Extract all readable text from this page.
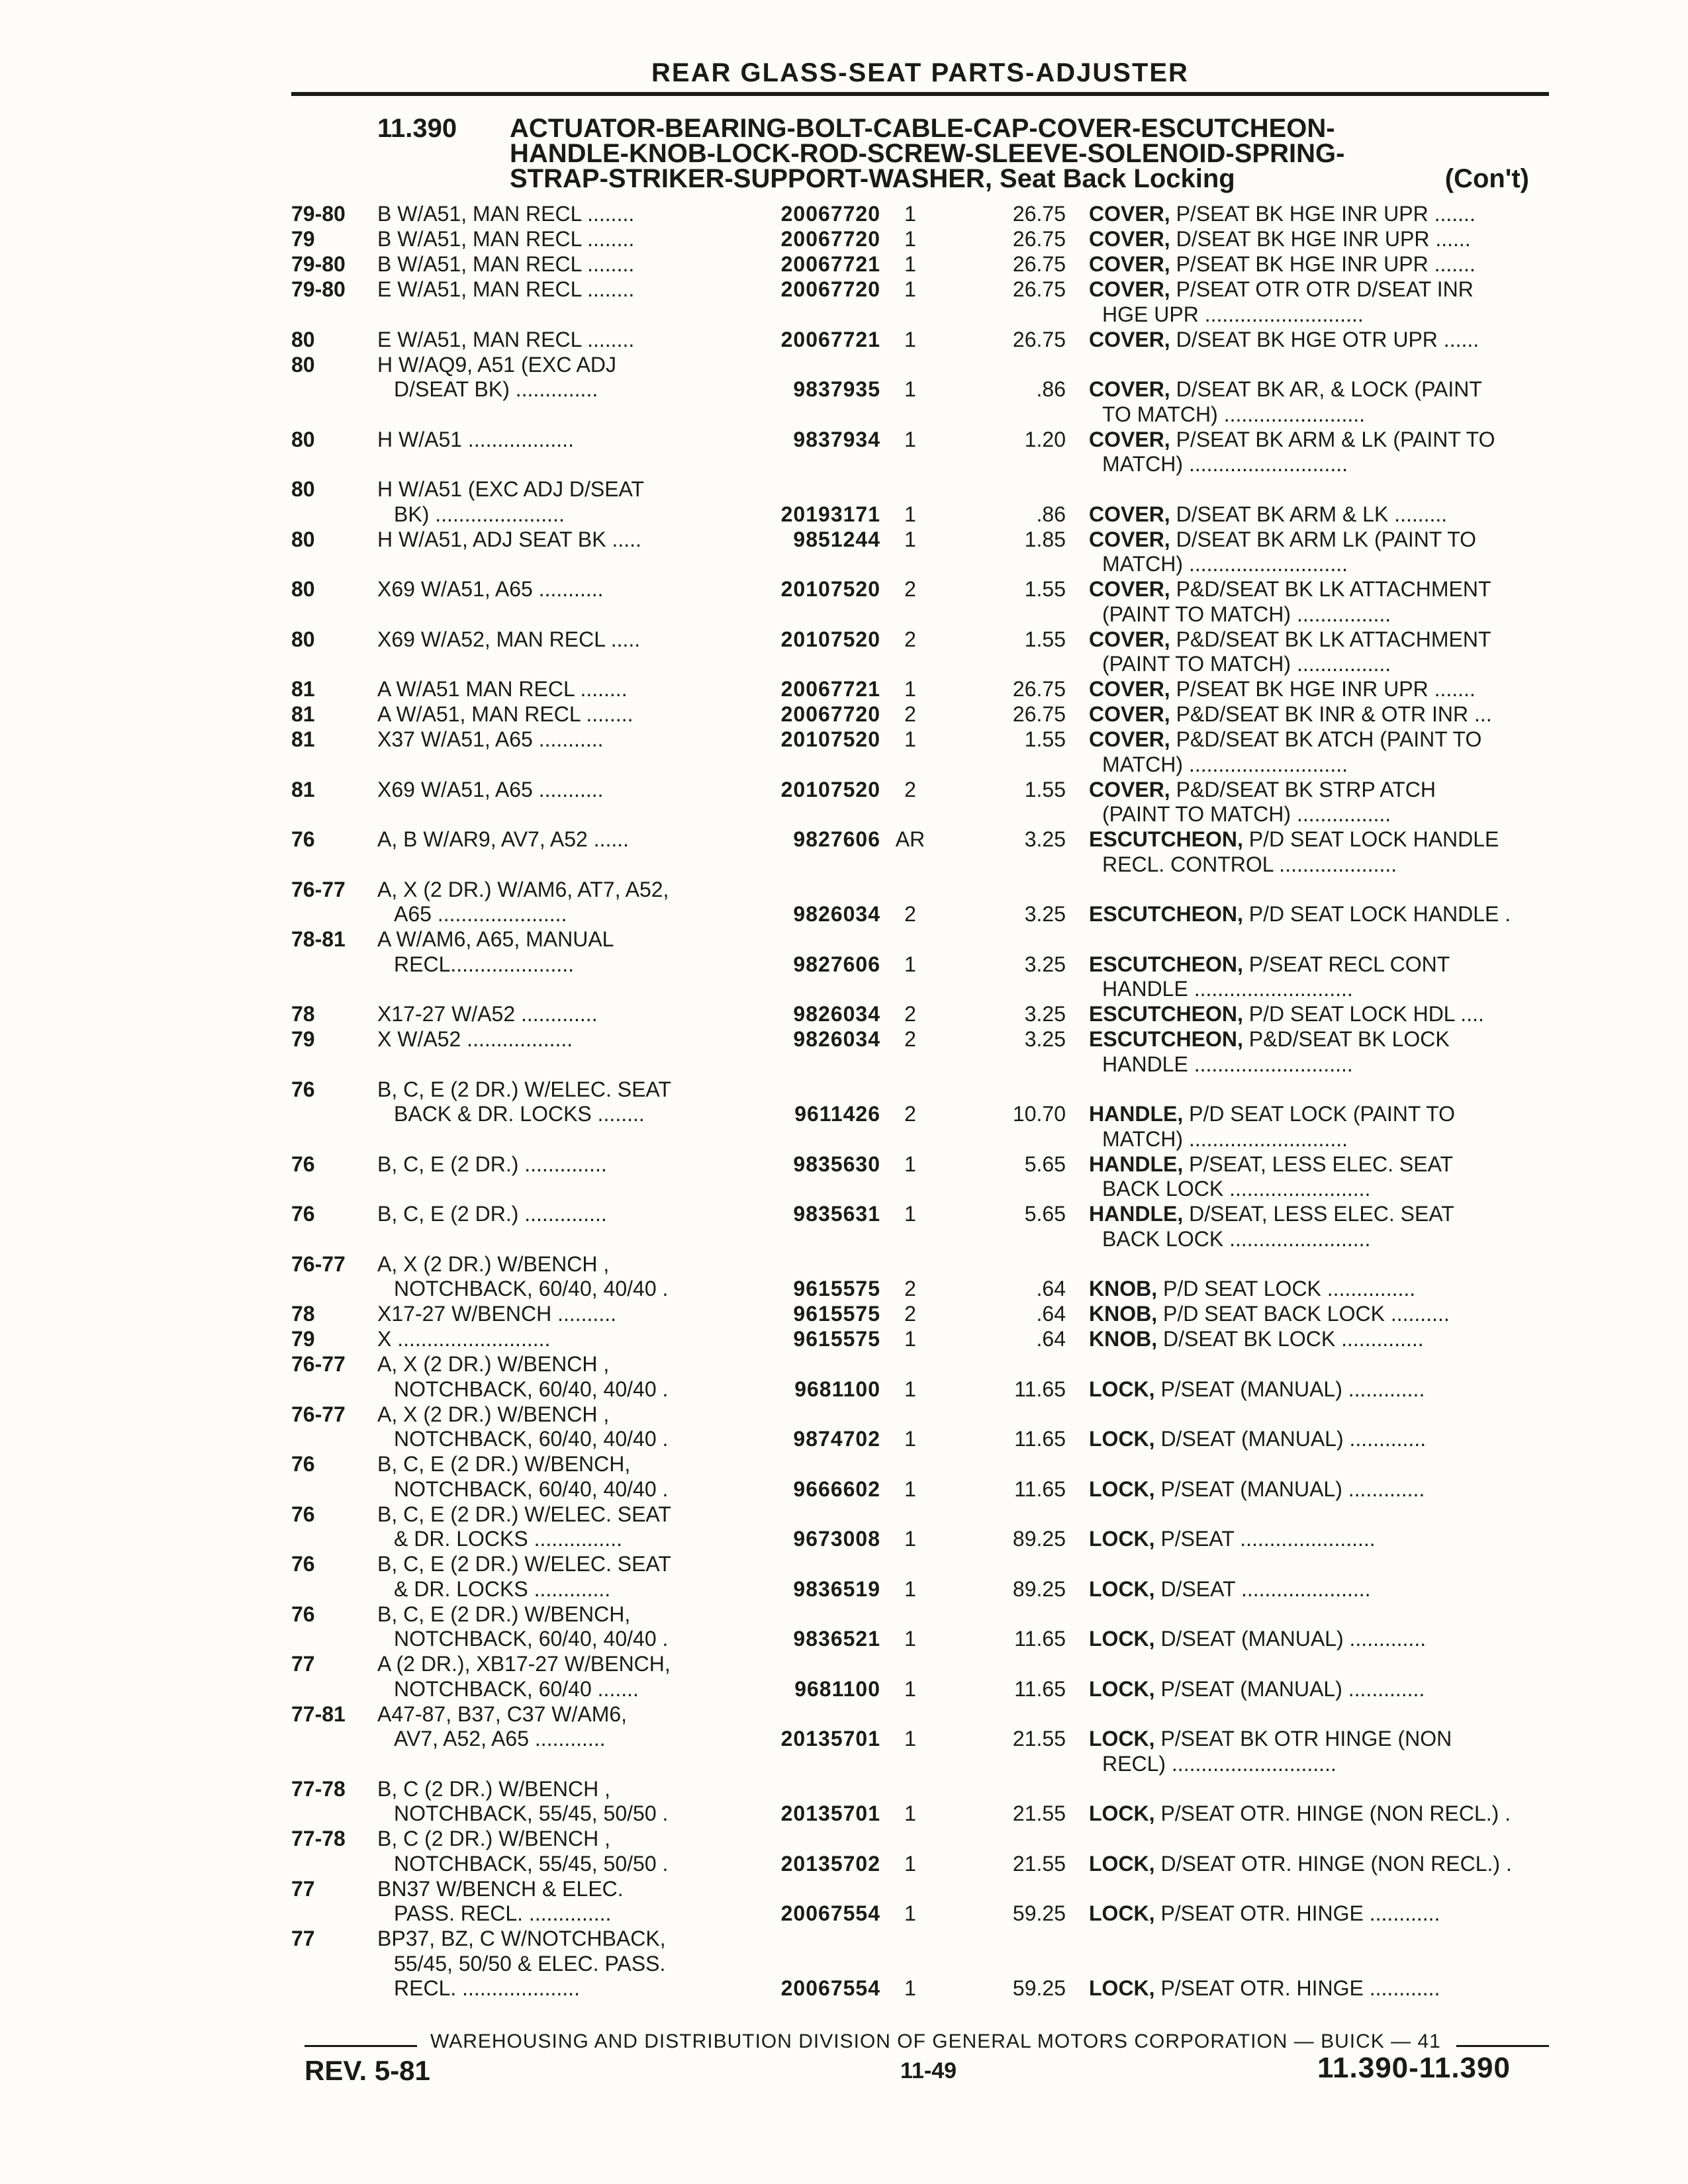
REAR GLASS-SEAT PARTS-ADJUSTER
11.390 ACTUATOR-BEARING-BOLT-CABLE-CAP-COVER-ESCUTCHEON-
HANDLE-KNOB-LOCK-ROD-SCREW-SLEEVE-SOLENOID-SPRING-
STRAP-STRIKER-SUPPORT-WASHER, Seat Back Locking	(Con't)
79-80	B W/A51, MAN RECL ........	20067720	1	26.75 COVER, P/SEAT BK HGE INR UPR .......
79	B W/A51, MAN RECL ........	20067720	1	26.75 COVER, D/SEAT BK HGE INR UPR ......
79-80	B W/A51, MAN RECL ........	20067721	1	26.75 COVER, P/SEAT BK HGE INR UPR .......
79-80	E W/A51, MAN RECL ........	20067720	1	26.75 COVER, P/SEAT OTR OTR D/SEAT INR
HGE UPR ...........................
80	E W/A51, MAN RECL ........	20067721	1	26.75 COVER, D/SEAT BK HGE OTR UPR ......
80	H W/AQ9, A51 (EXC ADJ
D/SEAT BK) ..............	9837935	1	.86 COVER, D/SEAT BK AR, & LOCK (PAINT
TO MATCH) ........................
80	H W/A51 ..................	9837934	1	1.20 COVER, P/SEAT BK ARM & LK (PAINT TO
MATCH) ...........................
80	H W/A51 (EXC ADJ D/SEAT
BK) ......................	20193171	1	.86 COVER, D/SEAT BK ARM & LK .........
80	H W/A51, ADJ SEAT BK .....	9851244	1	1.85 COVER, D/SEAT BK ARM LK (PAINT TO
MATCH) ...........................
80	X69 W/A51, A65 ...........	20107520	2	1.55 COVER, P&D/SEAT BK LK ATTACHMENT
(PAINT TO MATCH) ................
80	X69 W/A52, MAN RECL .....	20107520	2	1.55 COVER, P&D/SEAT BK LK ATTACHMENT
(PAINT TO MATCH) ................
81	A W/A51 MAN RECL ........	20067721	1	26.75 COVER, P/SEAT BK HGE INR UPR .......
81	A W/A51, MAN RECL ........	20067720	2	26.75 COVER, P&D/SEAT BK INR & OTR INR ...
81	X37 W/A51, A65 ...........	20107520	1	1.55 COVER, P&D/SEAT BK ATCH (PAINT TO
MATCH) ...........................
81	X69 W/A51, A65 ...........	20107520	2	1.55 COVER, P&D/SEAT BK STRP ATCH
(PAINT TO MATCH) ................
76	A, B W/AR9, AV7, A52 ......	9827606 AR	3.25 ESCUTCHEON, P/D SEAT LOCK HANDLE
RECL. CONTROL ....................
76-77	A, X (2 DR.) W/AM6, AT7, A52,
A65 ......................	9826034	2	3.25 ESCUTCHEON, P/D SEAT LOCK HANDLE .
78-81	A W/AM6, A65, MANUAL
RECL.....................	9827606	1	3.25 ESCUTCHEON, P/SEAT RECL CONT
HANDLE ...........................
78	X17-27 W/A52 .............	9826034	2	3.25 ESCUTCHEON, P/D SEAT LOCK HDL ....
79	X W/A52 ..................	9826034	2	3.25 ESCUTCHEON, P&D/SEAT BK LOCK
HANDLE ...........................
76	B, C, E (2 DR.) W/ELEC. SEAT
BACK & DR. LOCKS ........	9611426	2	10.70 HANDLE, P/D SEAT LOCK (PAINT TO
MATCH) ...........................
76	B, C, E (2 DR.) ..............	9835630	1	5.65 HANDLE, P/SEAT, LESS ELEC. SEAT
BACK LOCK ........................
76	B, C, E (2 DR.) ..............	9835631	1	5.65 HANDLE, D/SEAT, LESS ELEC. SEAT
BACK LOCK ........................
76-77	A, X (2 DR.) W/BENCH ,
NOTCHBACK, 60/40, 40/40 .	9615575	2	.64 KNOB, P/D SEAT LOCK ...............
78	X17-27 W/BENCH ..........	9615575	2	.64 KNOB, P/D SEAT BACK LOCK ..........
79	X ..........................	9615575	1	.64 KNOB, D/SEAT BK LOCK ..............
76-77	A, X (2 DR.) W/BENCH ,
NOTCHBACK, 60/40, 40/40 .	9681100	1	11.65 LOCK, P/SEAT (MANUAL) .............
76-77	A, X (2 DR.) W/BENCH ,
NOTCHBACK, 60/40, 40/40 .	9874702	1	11.65 LOCK, D/SEAT (MANUAL) .............
76	B, C, E (2 DR.) W/BENCH,
NOTCHBACK, 60/40, 40/40 .	9666602	1	11.65 LOCK, P/SEAT (MANUAL) .............
76	B, C, E (2 DR.) W/ELEC. SEAT
& DR. LOCKS ...............	9673008	1	89.25 LOCK, P/SEAT .......................
76	B, C, E (2 DR.) W/ELEC. SEAT
& DR. LOCKS .............	9836519	1	89.25 LOCK, D/SEAT ......................
76	B, C, E (2 DR.) W/BENCH,
NOTCHBACK, 60/40, 40/40 .	9836521	1	11.65 LOCK, D/SEAT (MANUAL) .............
77	A (2 DR.), XB17-27 W/BENCH,
NOTCHBACK, 60/40 .......	9681100	1	11.65 LOCK, P/SEAT (MANUAL) .............
77-81	A47-87, B37, C37 W/AM6,
AV7, A52, A65 ............	20135701	1	21.55 LOCK, P/SEAT BK OTR HINGE (NON
RECL) ............................
77-78	B, C (2 DR.) W/BENCH ,
NOTCHBACK, 55/45, 50/50 .	20135701	1	21.55 LOCK, P/SEAT OTR. HINGE (NON RECL.) .
77-78	B, C (2 DR.) W/BENCH ,
NOTCHBACK, 55/45, 50/50 .	20135702	1	21.55 LOCK, D/SEAT OTR. HINGE (NON RECL.) .
77	BN37 W/BENCH & ELEC.
PASS. RECL. ..............	20067554	1	59.25 LOCK, P/SEAT OTR. HINGE ............
77	BP37, BZ, C W/NOTCHBACK,
55/45, 50/50 & ELEC. PASS.
RECL. ....................	20067554	1	59.25 LOCK, P/SEAT OTR. HINGE ............
WAREHOUSING AND DISTRIBUTION DIVISION OF GENERAL MOTORS CORPORATION — BUICK — 41
REV. 5-81	11-49	11.390-11.390
